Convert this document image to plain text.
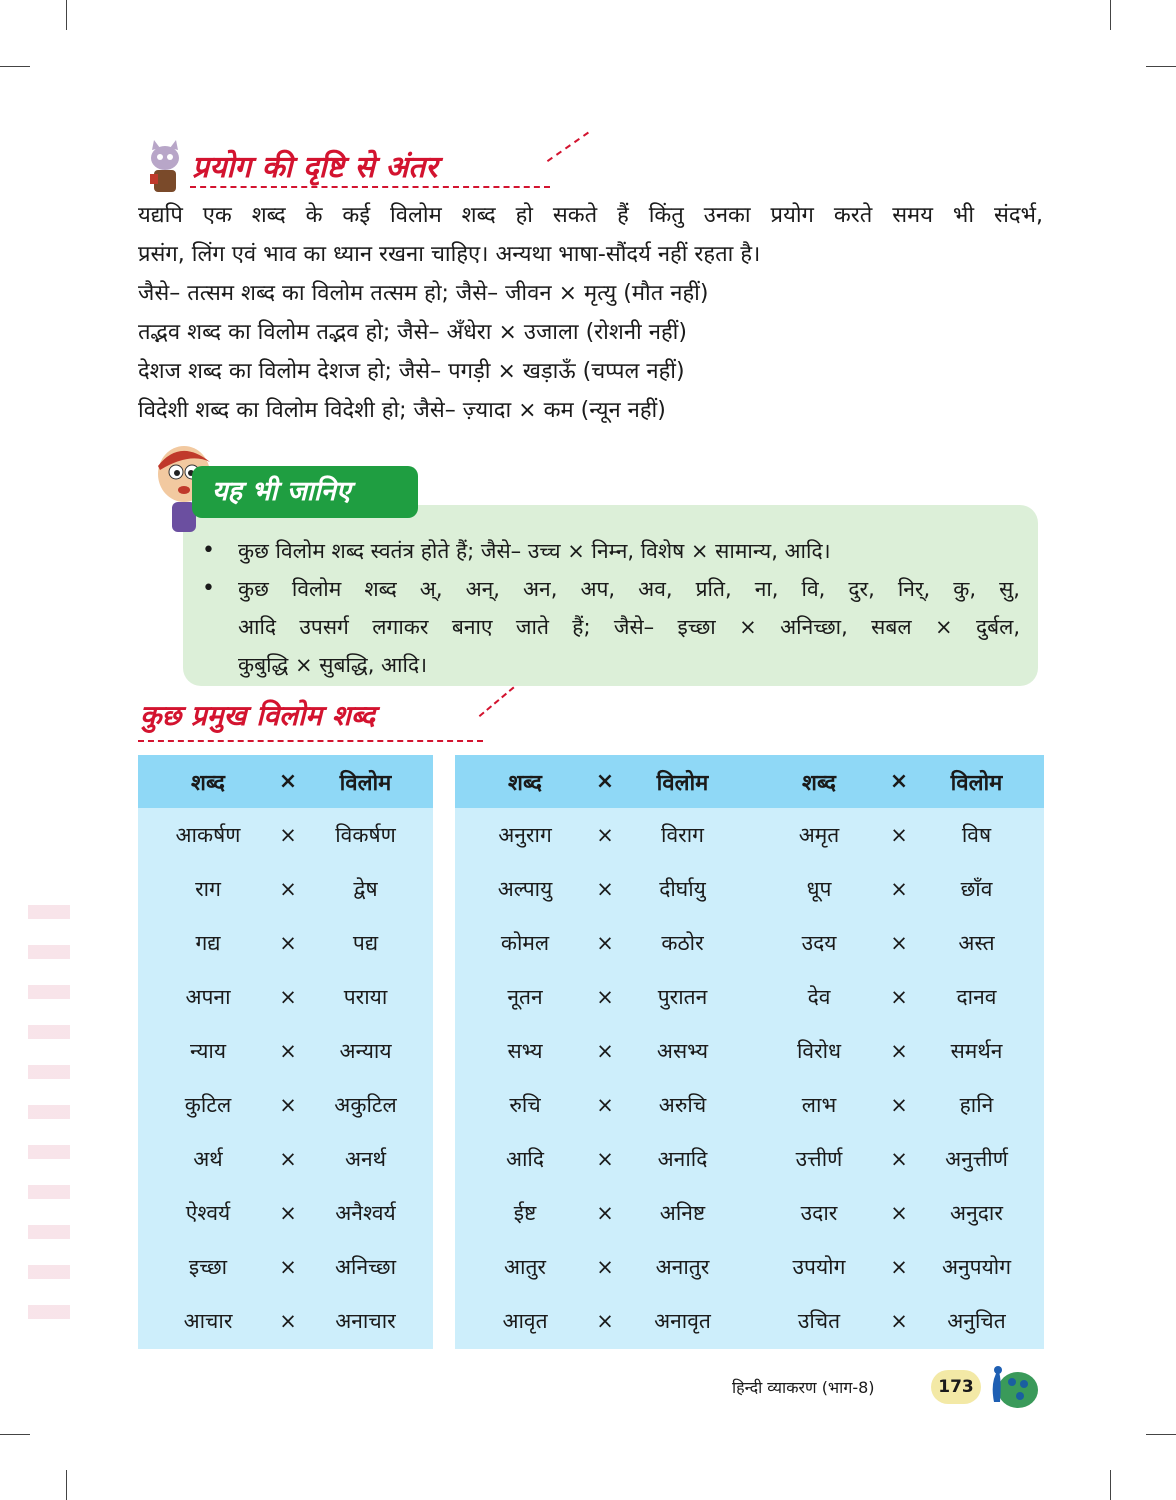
प्रयोग की दृष्टि से अंतर

यद्यपि एक शब्द के कई विलोम शब्द हो सकते हैं किंतु उनका प्रयोग करते समय भी संदर्भ,

प्रसंग, लिंग एवं भाव का ध्यान रखना चाहिए। अन्यथा भाषा-सौंदर्य नहीं रहता है।

जैसे– तत्सम शब्द का विलोम तत्सम हो; जैसे– जीवन × मृत्यु (मौत नहीं)

तद्भव शब्द का विलोम तद्भव हो; जैसे– अँधेरा × उजाला (रोशनी नहीं)

देशज शब्द का विलोम देशज हो; जैसे– पगड़ी × खड़ाऊँ (चप्पल नहीं)

विदेशी शब्द का विलोम विदेशी हो; जैसे– ज़्यादा × कम (न्यून नहीं)

यह भी जानिए
• कुछ विलोम शब्द स्वतंत्र होते हैं; जैसे– उच्च × निम्न, विशेष × सामान्य, आदि।
• कुछ विलोम शब्द अ्, अन्, अन, अप, अव, प्रति, ना, वि, दुर, निर्, कु, सु,
आदि उपसर्ग लगाकर बनाए जाते हैं; जैसे– इच्छा × अनिच्छा, सबल × दुर्बल,
कुबुद्धि × सुबद्धि, आदि।
कुछ प्रमुख विलोम शब्द
शब्द	×	विलोम
आकर्षण	×	विकर्षण
राग	×	द्वेष
गद्य	×	पद्य
अपना	×	पराया
न्याय	×	अन्याय
कुटिल	×	अकुटिल
अर्थ	×	अनर्थ
ऐश्वर्य	×	अनैश्वर्य
इच्छा	×	अनिच्छा
आचार	×	अनाचार
शब्द	×	विलोम
अनुराग	×	विराग
अल्पायु	×	दीर्घायु
कोमल	×	कठोर
नूतन	×	पुरातन
सभ्य	×	असभ्य
रुचि	×	अरुचि
आदि	×	अनादि
ईष्ट	×	अनिष्ट
आतुर	×	अनातुर
आवृत	×	अनावृत
शब्द	×	विलोम
अमृत	×	विष
धूप	×	छाँव
उदय	×	अस्त
देव	×	दानव
विरोध	×	समर्थन
लाभ	×	हानि
उत्तीर्ण	×	अनुत्तीर्ण
उदार	×	अनुदार
उपयोग	×	अनुपयोग
उचित	×	अनुचित
हिन्दी व्याकरण (भाग-8)	173
